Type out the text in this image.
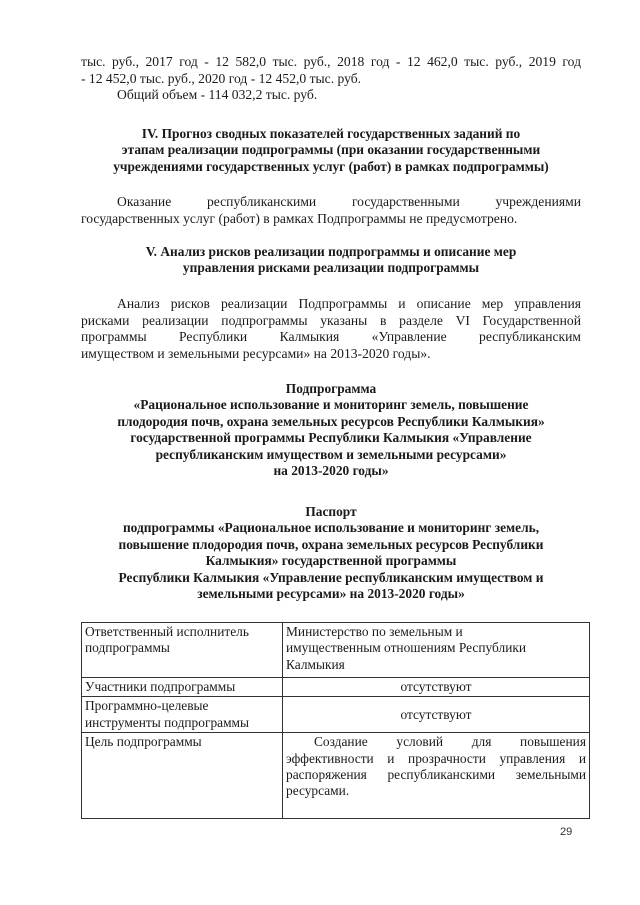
тыс. руб., 2017 год - 12 582,0 тыс. руб., 2018 год - 12 462,0 тыс. руб., 2019 год
- 12 452,0 тыс. руб., 2020 год - 12 452,0 тыс. руб.
Общий объем - 114 032,2 тыс. руб.

IV. Прогноз сводных показателей государственных заданий по
этапам реализации подпрограммы (при оказании государственными
учреждениями государственных услуг (работ) в рамках подпрограммы)

Оказание республиканскими государственными учреждениями
государственных услуг (работ) в рамках Подпрограммы не предусмотрено.

V. Анализ рисков реализации подпрограммы и описание мер
управления рисками реализации подпрограммы

Анализ рисков реализации Подпрограммы и описание мер управления
рисками реализации подпрограммы указаны в разделе VI Государственной
программы Республики Калмыкия «Управление республиканским
имуществом и земельными ресурсами» на 2013-2020 годы».

Подпрограмма
«Рациональное использование и мониторинг земель, повышение
плодородия почв, охрана земельных ресурсов Республики Калмыкия»
государственной программы Республики Калмыкия «Управление
республиканским имуществом и земельными ресурсами»
на 2013-2020 годы»
Паспорт
подпрограммы «Рациональное использование и мониторинг земель,
повышение плодородия почв, охрана земельных ресурсов Республики
Калмыкия» государственной программы
Республики Калмыкия «Управление республиканским имуществом и
земельными ресурсами» на 2013-2020 годы»
Ответственный исполнитель
подпрограммы	Министерство по земельным и
имущественным отношениям Республики
Калмыкия

Участники подпрограммы	отсутствуют

Программно-целевые
инструменты подпрограммы	отсутствуют

Цель подпрограммы	Создание условий для повышения
эффективности и прозрачности управления и
распоряжения республиканскими земельными
ресурсами.
29
